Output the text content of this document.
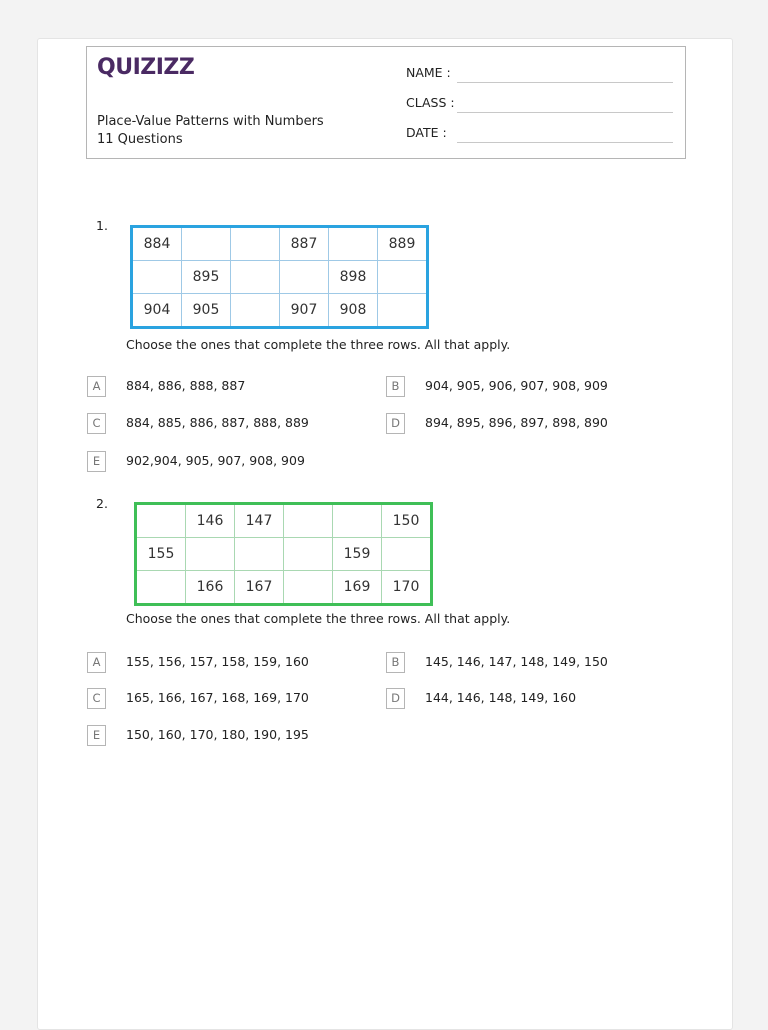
QUIZIZZ
Place-Value Patterns with Numbers
11 Questions
NAME :
CLASS :
DATE :
1.
884			887		889
	895			898	
904	905		907	908	
Choose the ones that complete the three rows. All that apply.
A	884, 886, 888, 887	B	904, 905, 906, 907, 908, 909
C	884, 885, 886, 887, 888, 889	D	894, 895, 896, 897, 898, 890
E	902,904, 905, 907, 908, 909
2.
	146	147			150
155				159	
	166	167		169	170
Choose the ones that complete the three rows. All that apply.
A	155, 156, 157, 158, 159, 160	B	145, 146, 147, 148, 149, 150
C	165, 166, 167, 168, 169, 170	D	144, 146, 148, 149, 160
E	150, 160, 170, 180, 190, 195
